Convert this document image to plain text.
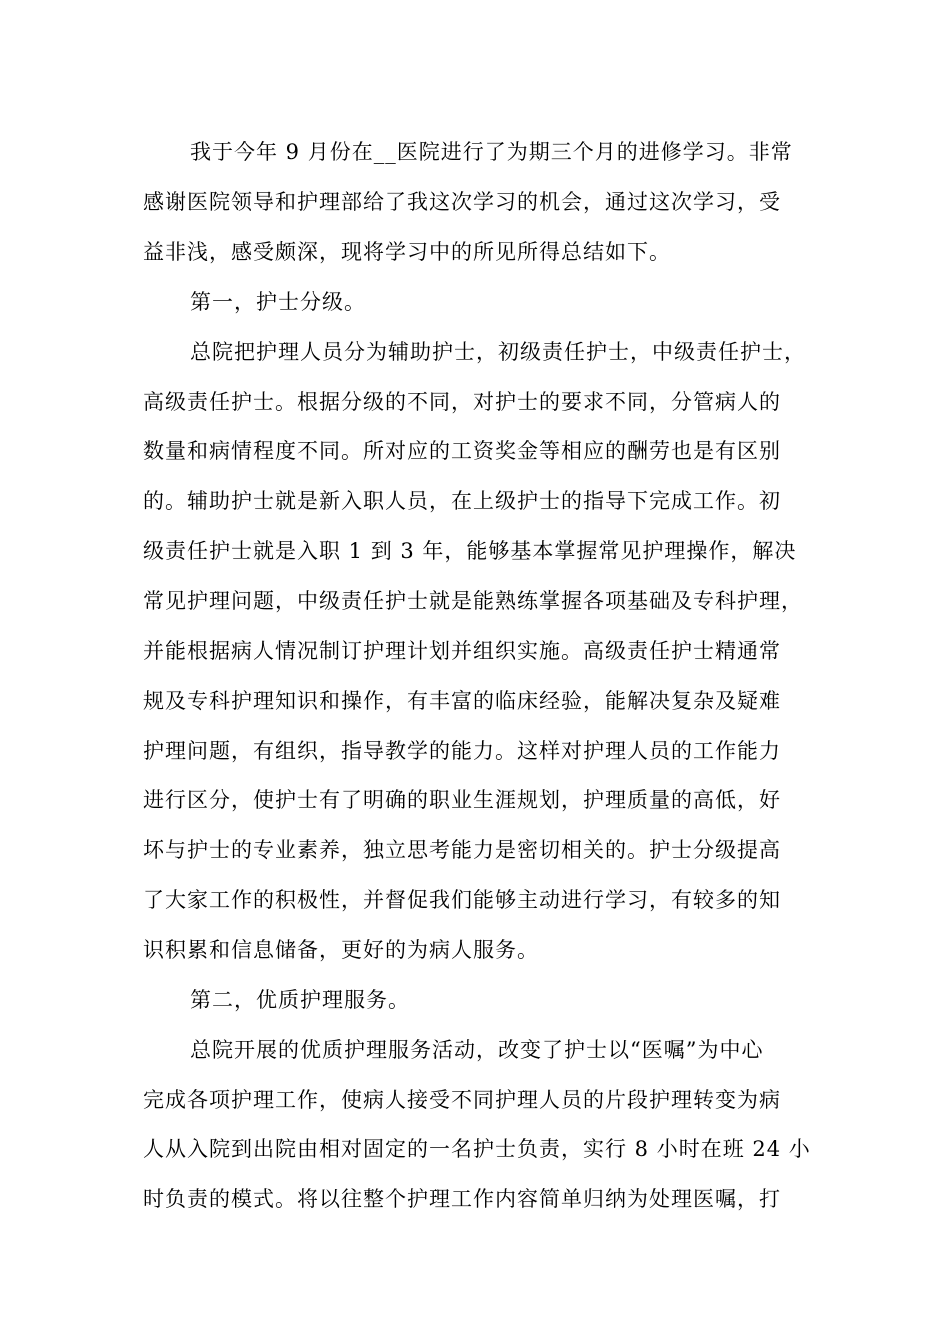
我于今年 9 月份在__医院进行了为期三个月的进修学习。非常
感谢医院领导和护理部给了我这次学习的机会，通过这次学习，受
益非浅，感受颇深，现将学习中的所见所得总结如下。
第一，护士分级。
总院把护理人员分为辅助护士，初级责任护士，中级责任护士，
高级责任护士。根据分级的不同，对护士的要求不同，分管病人的
数量和病情程度不同。所对应的工资奖金等相应的酬劳也是有区别
的。辅助护士就是新入职人员，在上级护士的指导下完成工作。初
级责任护士就是入职 1 到 3 年，能够基本掌握常见护理操作，解决
常见护理问题，中级责任护士就是能熟练掌握各项基础及专科护理，
并能根据病人情况制订护理计划并组织实施。高级责任护士精通常
规及专科护理知识和操作，有丰富的临床经验，能解决复杂及疑难
护理问题，有组织，指导教学的能力。这样对护理人员的工作能力
进行区分，使护士有了明确的职业生涯规划，护理质量的高低，好
坏与护士的专业素养，独立思考能力是密切相关的。护士分级提高
了大家工作的积极性，并督促我们能够主动进行学习，有较多的知
识积累和信息储备，更好的为病人服务。
第二，优质护理服务。
总院开展的优质护理服务活动，改变了护士以“医嘱”为中心
完成各项护理工作，使病人接受不同护理人员的片段护理转变为病
人从入院到出院由相对固定的一名护士负责，实行 8 小时在班 24 小
时负责的模式。将以往整个护理工作内容简单归纳为处理医嘱，打
